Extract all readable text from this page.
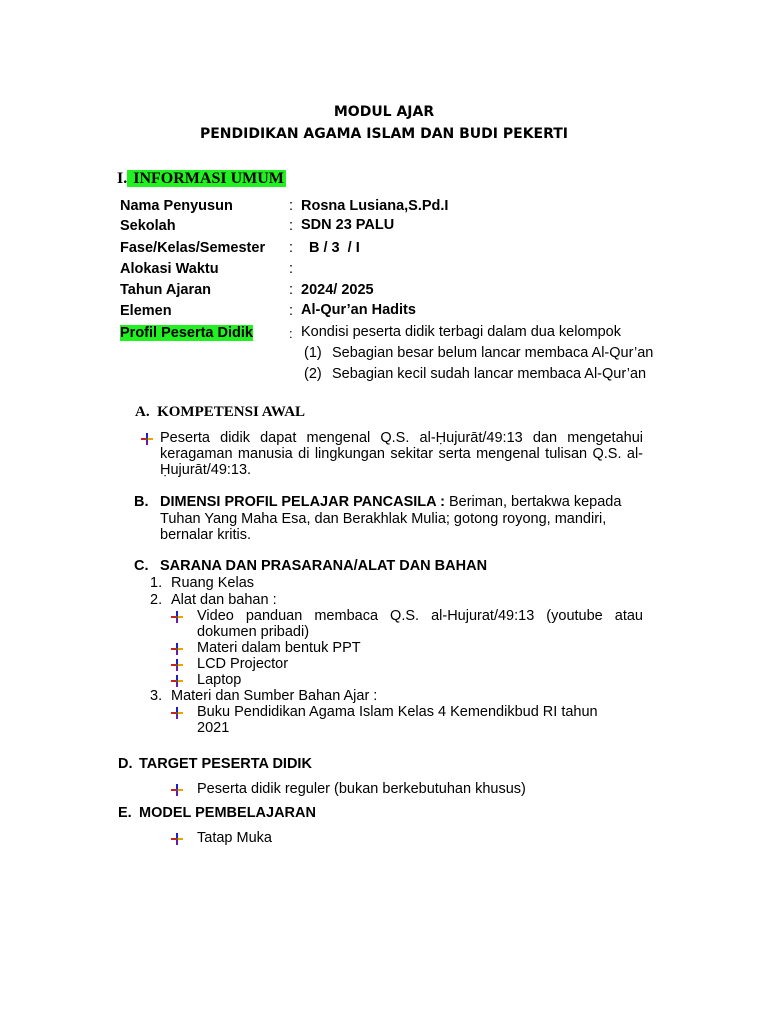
MODUL AJAR
PENDIDIKAN AGAMA ISLAM DAN BUDI PEKERTI
I. INFORMASI UMUM
Nama Penyusun	: Rosna Lusiana,S.Pd.I
Sekolah	: SDN 23 PALU
Fase/Kelas/Semester : B / 3  / I
Alokasi Waktu	:
Tahun Ajaran	: 2024/ 2025
Elemen	: Al-Qur’an Hadits
Profil Peserta Didik	: Kondisi peserta didik terbagi dalam dua kelompok
(1) Sebagian besar belum lancar membaca Al-Qur’an
(2) Sebagian kecil sudah lancar membaca Al-Qur’an
A. KOMPETENSI AWAL
Peserta didik dapat mengenal Q.S. al-Ḥujurāt/49:13 dan mengetahui
keragaman manusia di lingkungan sekitar serta mengenal tulisan Q.S. al-
Ḥujurāt/49:13.
B. DIMENSI PROFIL PELAJAR PANCASILA : Beriman, bertakwa kepada
Tuhan Yang Maha Esa, dan Berakhlak Mulia; gotong royong, mandiri,
bernalar kritis.
C. SARANA DAN PRASARANA/ALAT DAN BAHAN
1. Ruang Kelas
2. Alat dan bahan :
Video panduan membaca Q.S. al-Hujurat/49:13 (youtube atau
dokumen pribadi)
Materi dalam bentuk PPT
LCD Projector
Laptop
3. Materi dan Sumber Bahan Ajar :
Buku Pendidikan Agama Islam Kelas 4 Kemendikbud RI tahun
2021
D. TARGET PESERTA DIDIK
Peserta didik reguler (bukan berkebutuhan khusus)
E. MODEL PEMBELAJARAN
Tatap Muka
